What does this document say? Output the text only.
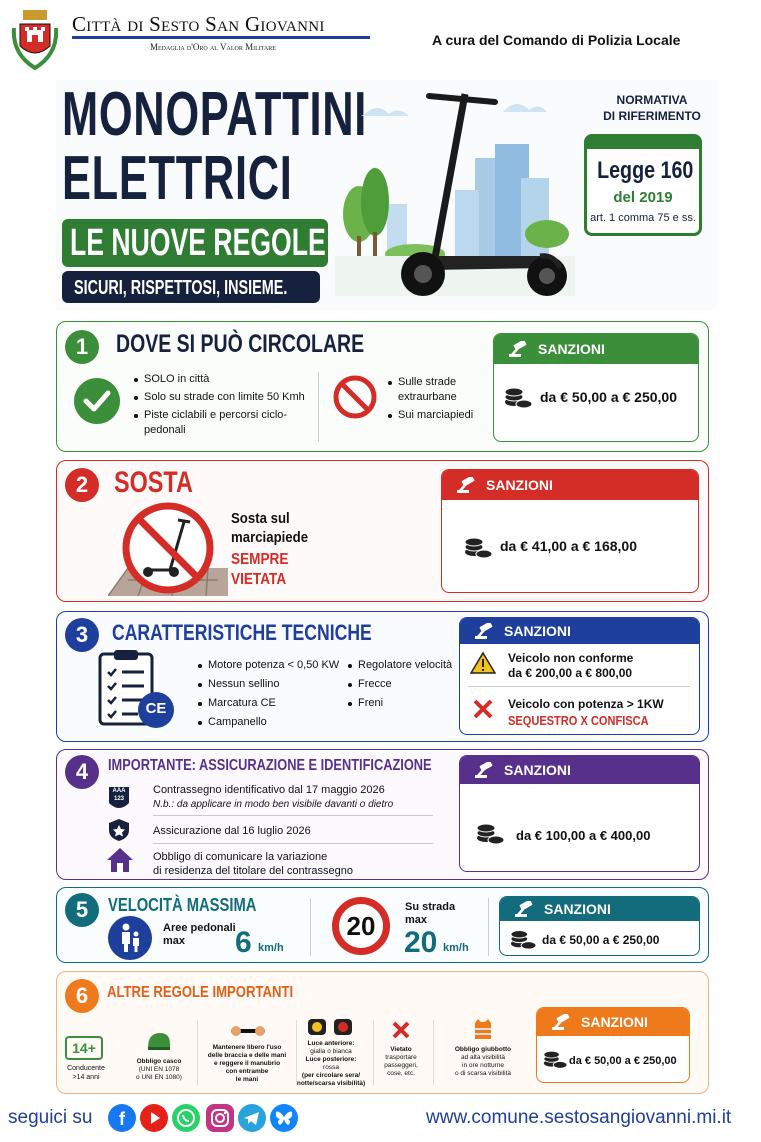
Città di Sesto San Giovanni
Medaglia d'Oro al Valor Militare	A cura del Comando di Polizia Locale
MONOPATTINI
ELETTRICI
LE NUOVE REGOLE
SICURI, RISPETTOSI, INSIEME.
NORMATIVA
DI RIFERIMENTO
Legge 160
del 2019
art. 1 comma 75 e ss.
1	DOVE SI PUÒ CIRCOLARE
SOLO in città
Solo su strade con limite 50 Kmh
Piste ciclabili e percorsi ciclo-pedonali
Sulle strade extraurbane
Sui marciapiedi
SANZIONI
da € 50,00 a € 250,00
2 SOSTA
Sosta sul
marciapiede
SEMPRE
VIETATA
SANZIONI
da € 41,00 a € 168,00
3	CARATTERISTICHE TECNICHE
CE
Motore potenza < 0,50 KW
Nessun sellino
Marcatura CE
Campanello
Regolatore velocità
Frecce
Freni
SANZIONI
Veicolo non conforme
da € 200,00 a € 800,00
Veicolo con potenza > 1KW
SEQUESTRO X CONFISCA
4	IMPORTANTE: ASSICURAZIONE E IDENTIFICAZIONE
AAA
123
Contrassegno identificativo dal 17 maggio 2026
N.b.: da applicare in modo ben visibile davanti o dietro
Assicurazione dal 16 luglio 2026
Obbligo di comunicare la variazione
di residenza del titolare del contrassegno
SANZIONI
da € 100,00 a € 400,00
5	VELOCITÀ MASSIMA
Aree pedonali
max 6 km/h
20
Su strada
max
20 km/h
SANZIONI
da € 50,00 a € 250,00
6	ALTRE REGOLE IMPORTANTI
14+
Conducente
>14 anni
Obbligo casco
(UNI EN 1078
o UNI EN 1080)
Mantenere libero l'uso
delle braccia e delle mani
e reggere il manubrio
con entrambe
le mani
Luce anteriore:
gialla o bianca
Luce posteriore:
rossa
(per circolare sera/
notte/scarsa visibilità)
Vietato
trasportare
passeggeri,
cose, etc.
Obbligo giubbotto
ad alta visibilità
in ore notturne
o di scarsa visibilità
SANZIONI
da € 50,00 a € 250,00
seguici su	f	www.comune.sestosangiovanni.mi.it
